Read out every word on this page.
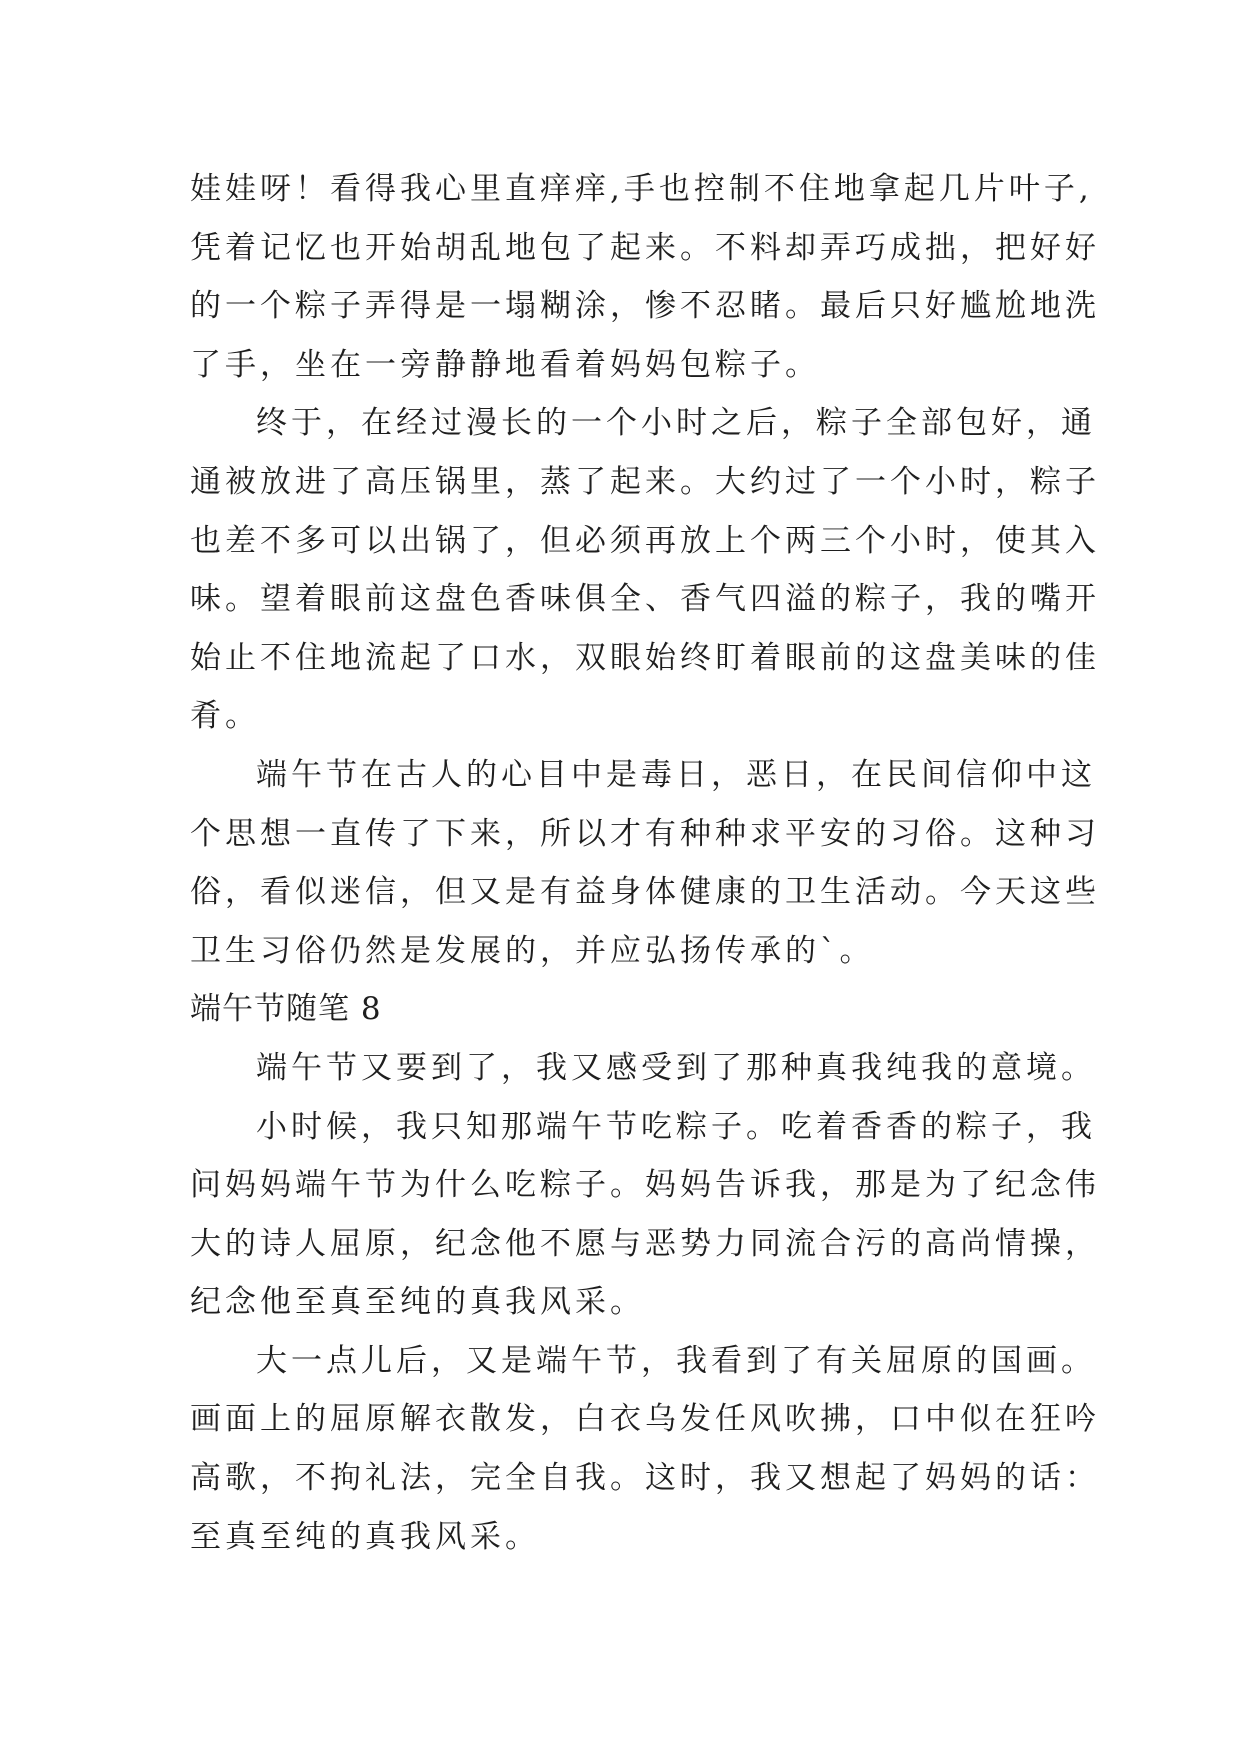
娃娃呀！看得我心里直痒痒,手也控制不住地拿起几片叶子,
凭着记忆也开始胡乱地包了起来。不料却弄巧成拙，把好好
的一个粽子弄得是一塌糊涂，惨不忍睹。最后只好尴尬地洗
了手，坐在一旁静静地看着妈妈包粽子。
终于，在经过漫长的一个小时之后，粽子全部包好，通
通被放进了高压锅里，蒸了起来。大约过了一个小时，粽子
也差不多可以出锅了，但必须再放上个两三个小时，使其入
味。望着眼前这盘色香味俱全、香气四溢的粽子，我的嘴开
始止不住地流起了口水，双眼始终盯着眼前的这盘美味的佳
肴。
端午节在古人的心目中是毒日，恶日，在民间信仰中这
个思想一直传了下来，所以才有种种求平安的习俗。这种习
俗，看似迷信，但又是有益身体健康的卫生活动。今天这些
卫生习俗仍然是发展的，并应弘扬传承的`。
端午节随笔 8
端午节又要到了，我又感受到了那种真我纯我的意境。
小时候，我只知那端午节吃粽子。吃着香香的粽子，我
问妈妈端午节为什么吃粽子。妈妈告诉我，那是为了纪念伟
大的诗人屈原，纪念他不愿与恶势力同流合污的高尚情操，
纪念他至真至纯的真我风采。
大一点儿后，又是端午节，我看到了有关屈原的国画。
画面上的屈原解衣散发，白衣乌发任风吹拂，口中似在狂吟
高歌，不拘礼法，完全自我。这时，我又想起了妈妈的话：
至真至纯的真我风采。
